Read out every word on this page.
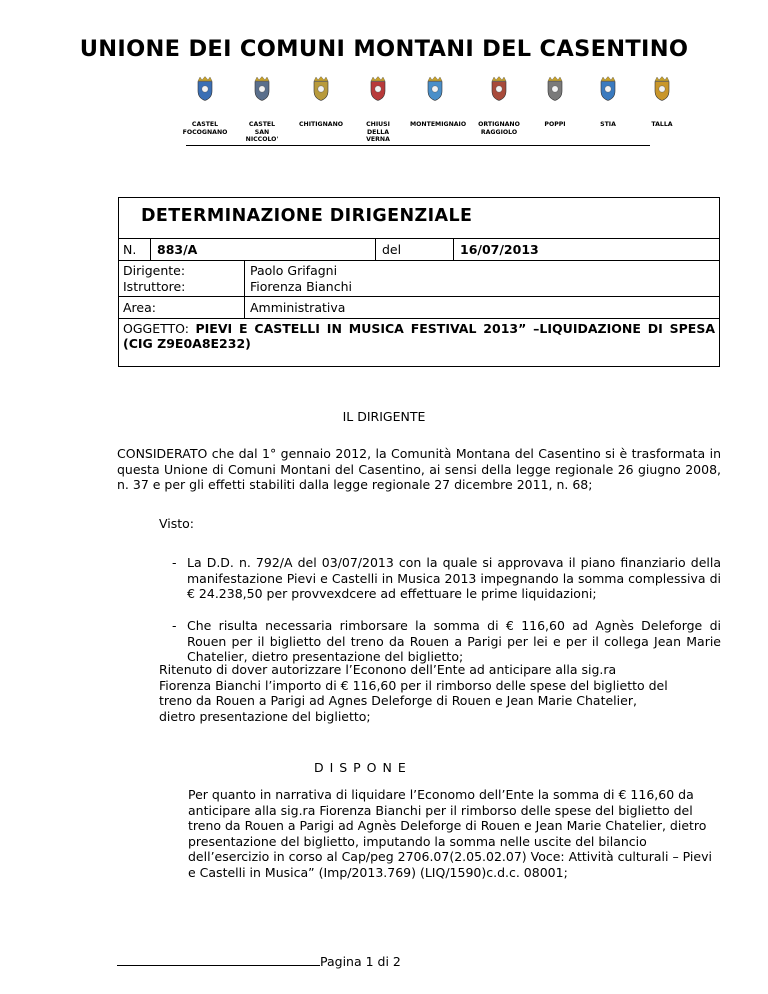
UNIONE DEI COMUNI MONTANI DEL CASENTINO
CASTEL
FOCOGNANO
CASTEL
SAN
NICCOLO'
CHITIGNANO	CHIUSI
DELLA
VERNA
MONTEMIGNAIO	ORTIGNANO
RAGGIOLO
POPPI	STIA	TALLA
DETERMINAZIONE DIRIGENZIALE
N. 883/A	del	16/07/2013
Dirigente:	Paolo Grifagni
Istruttore:	Fiorenza Bianchi
Area:	Amministrativa
OGGETTO: PIEVI E CASTELLI IN MUSICA FESTIVAL 2013” –LIQUIDAZIONE DI SPESA (CIG Z9E0A8E232)
IL DIRIGENTE
CONSIDERATO che dal 1° gennaio 2012, la Comunità Montana del Casentino si è trasformata in questa Unione di Comuni Montani del Casentino, ai sensi della legge regionale 26 giugno 2008, n. 37 e per gli effetti stabiliti dalla legge regionale 27 dicembre 2011, n. 68;
Visto:
- La D.D. n. 792/A del 03/07/2013 con la quale si approvava il piano finanziario della manifestazione Pievi e Castelli in Musica 2013 impegnando la somma complessiva di € 24.238,50 per provvexdcere ad effettuare le prime liquidazioni;
- Che risulta necessaria rimborsare la somma di € 116,60 ad Agnès Deleforge di Rouen per il biglietto del treno da Rouen a Parigi per lei e per il collega Jean Marie Chatelier, dietro presentazione del biglietto;
Ritenuto di dover autorizzare l’Econono dell’Ente ad anticipare alla sig.ra Fiorenza Bianchi l’importo di € 116,60 per il rimborso delle spese del biglietto del treno da Rouen a Parigi ad Agnes Deleforge di Rouen e Jean Marie Chatelier, dietro presentazione del biglietto;
D I S P O N E
Per quanto in narrativa di liquidare l’Economo dell’Ente la somma di € 116,60 da anticipare alla sig.ra Fiorenza Bianchi per il rimborso delle spese del biglietto del treno da Rouen a Parigi ad Agnès Deleforge di Rouen e Jean Marie Chatelier, dietro presentazione del biglietto, imputando la somma nelle uscite del bilancio dell’esercizio in corso al Cap/peg 2706.07(2.05.02.07) Voce: Attività culturali – Pievi e Castelli in Musica” (Imp/2013.769) (LIQ/1590)c.d.c. 08001;
Pagina 1 di 2
